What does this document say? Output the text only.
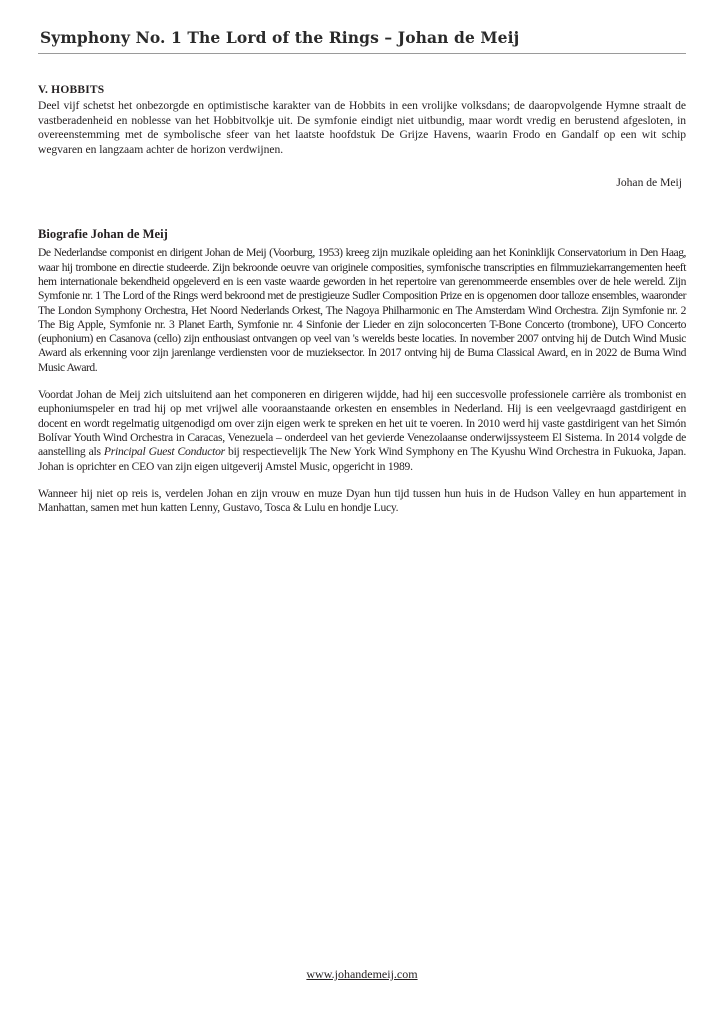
Symphony No. 1 The Lord of the Rings – Johan de Meij
V. HOBBITS

Deel vijf schetst het onbezorgde en optimistische karakter van de Hobbits in een vrolijke volksdans; de daaropvolgende Hymne straalt de vastberadenheid en noblesse van het Hobbitvolkje uit. De symfonie eindigt niet uitbundig, maar wordt vredig en berustend afgesloten, in overeenstemming met de symbolische sfeer van het laatste hoofdstuk De Grijze Havens, waarin Frodo en Gandalf op een wit schip wegvaren en langzaam achter de horizon verdwijnen.

Johan de Meij
Biografie Johan de Meij

De Nederlandse componist en dirigent Johan de Meij (Voorburg, 1953) kreeg zijn muzikale opleiding aan het Koninklijk Conservatorium in Den Haag, waar hij trombone en directie studeerde. Zijn bekroonde oeuvre van originele composities, symfonische transcripties en filmmuziekarrangementen heeft hem internationale bekendheid opgeleverd en is een vaste waarde geworden in het repertoire van gerenommeerde ensembles over de hele wereld. Zijn Symfonie nr. 1 The Lord of the Rings werd bekroond met de prestigieuze Sudler Composition Prize en is opgenomen door talloze ensembles, waaronder The London Symphony Orchestra, Het Noord Nederlands Orkest, The Nagoya Philharmonic en The Amsterdam Wind Orchestra. Zijn Symfonie nr. 2 The Big Apple, Symfonie nr. 3 Planet Earth, Symfonie nr. 4 Sinfonie der Lieder en zijn soloconcerten T-Bone Concerto (trombone), UFO Concerto (euphonium) en Casanova (cello) zijn enthousiast ontvangen op veel van 's werelds beste locaties. In november 2007 ontving hij de Dutch Wind Music Award als erkenning voor zijn jarenlange verdiensten voor de muzieksector. In 2017 ontving hij de Buma Classical Award, en in 2022 de Buma Wind Music Award.

Voordat Johan de Meij zich uitsluitend aan het componeren en dirigeren wijdde, had hij een succesvolle professionele carrière als trombonist en euphoniumspeler en trad hij op met vrijwel alle vooraanstaande orkesten en ensembles in Nederland. Hij is een veelgevraagd gastdirigent en docent en wordt regelmatig uitgenodigd om over zijn eigen werk te spreken en het uit te voeren. In 2010 werd hij vaste gastdirigent van het Simón Bolívar Youth Wind Orchestra in Caracas, Venezuela – onderdeel van het gevierde Venezolaanse onderwijssysteem El Sistema. In 2014 volgde de aanstelling als Principal Guest Conductor bij respectievelijk The New York Wind Symphony en The Kyushu Wind Orchestra in Fukuoka, Japan. Johan is oprichter en CEO van zijn eigen uitgeverij Amstel Music, opgericht in 1989.

Wanneer hij niet op reis is, verdelen Johan en zijn vrouw en muze Dyan hun tijd tussen hun huis in de Hudson Valley en hun appartement in Manhattan, samen met hun katten Lenny, Gustavo, Tosca & Lulu en hondje Lucy.

www.johandemeij.com
